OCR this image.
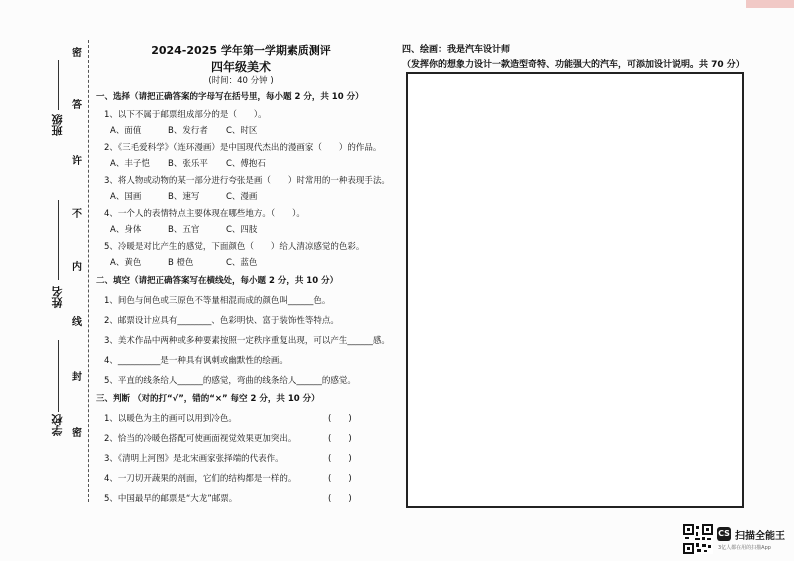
密
答
许
不
内
线
封
密
班级
姓名
学校
2024-2025 学年第一学期素质测评
四年级美术
(时间：40 分钟 )
一、选择（请把正确答案的字母写在括号里，每小题 2 分，共 10 分）
1、以下不属于邮票组成部分的是（　　）。
A、面值	B、发行者 C、时区
2、《三毛爱科学》（连环漫画）是中国现代杰出的漫画家（　　）的作品。
A、丰子恺 B、张乐平 C、傅抱石
3、将人物或动物的某一部分进行夸张是画（　　）时常用的一种表现手法。
A、国画	B、速写	C、漫画
4、一个人的表情特点主要体现在哪些地方。（　　）。
A、身体	B、五官	C、四肢
5、冷暖是对比产生的感觉，下面颜色（　　）给人清凉感觉的色彩。
A、黄色	B 橙色	C、蓝色
二、填空（请把正确答案写在横线处，每小题 2 分，共 10 分）
1、间色与间色或三原色不等量相混而成的颜色叫______色。
2、邮票设计应具有________、色彩明快、富于装饰性等特点。
3、美术作品中两种或多种要素按照一定秩序重复出现，可以产生______感。
4、__________是一种具有讽刺或幽默性的绘画。
5、平直的线条给人______的感觉，弯曲的线条给人______的感觉。
三、判断 （对的打“√”，错的“×” 每空 2 分，共 10 分）
1、以暖色为主的画可以用到冷色。	(　　)
2、恰当的冷暖色搭配可使画面视觉效果更加突出。	(　　)
3、《清明上河图》是北宋画家张择端的代表作。	(　　)
4、一刀切开蔬果的剖面，它们的结构都是一样的。	(　　)
5、中国最早的邮票是“大龙”邮票。	(　　)
四、绘画：我是汽车设计师
（发挥你的想象力设计一款造型奇特、功能强大的汽车，可添加设计说明。共 70 分）
CS 扫描全能王
3亿人都在用的扫描App
